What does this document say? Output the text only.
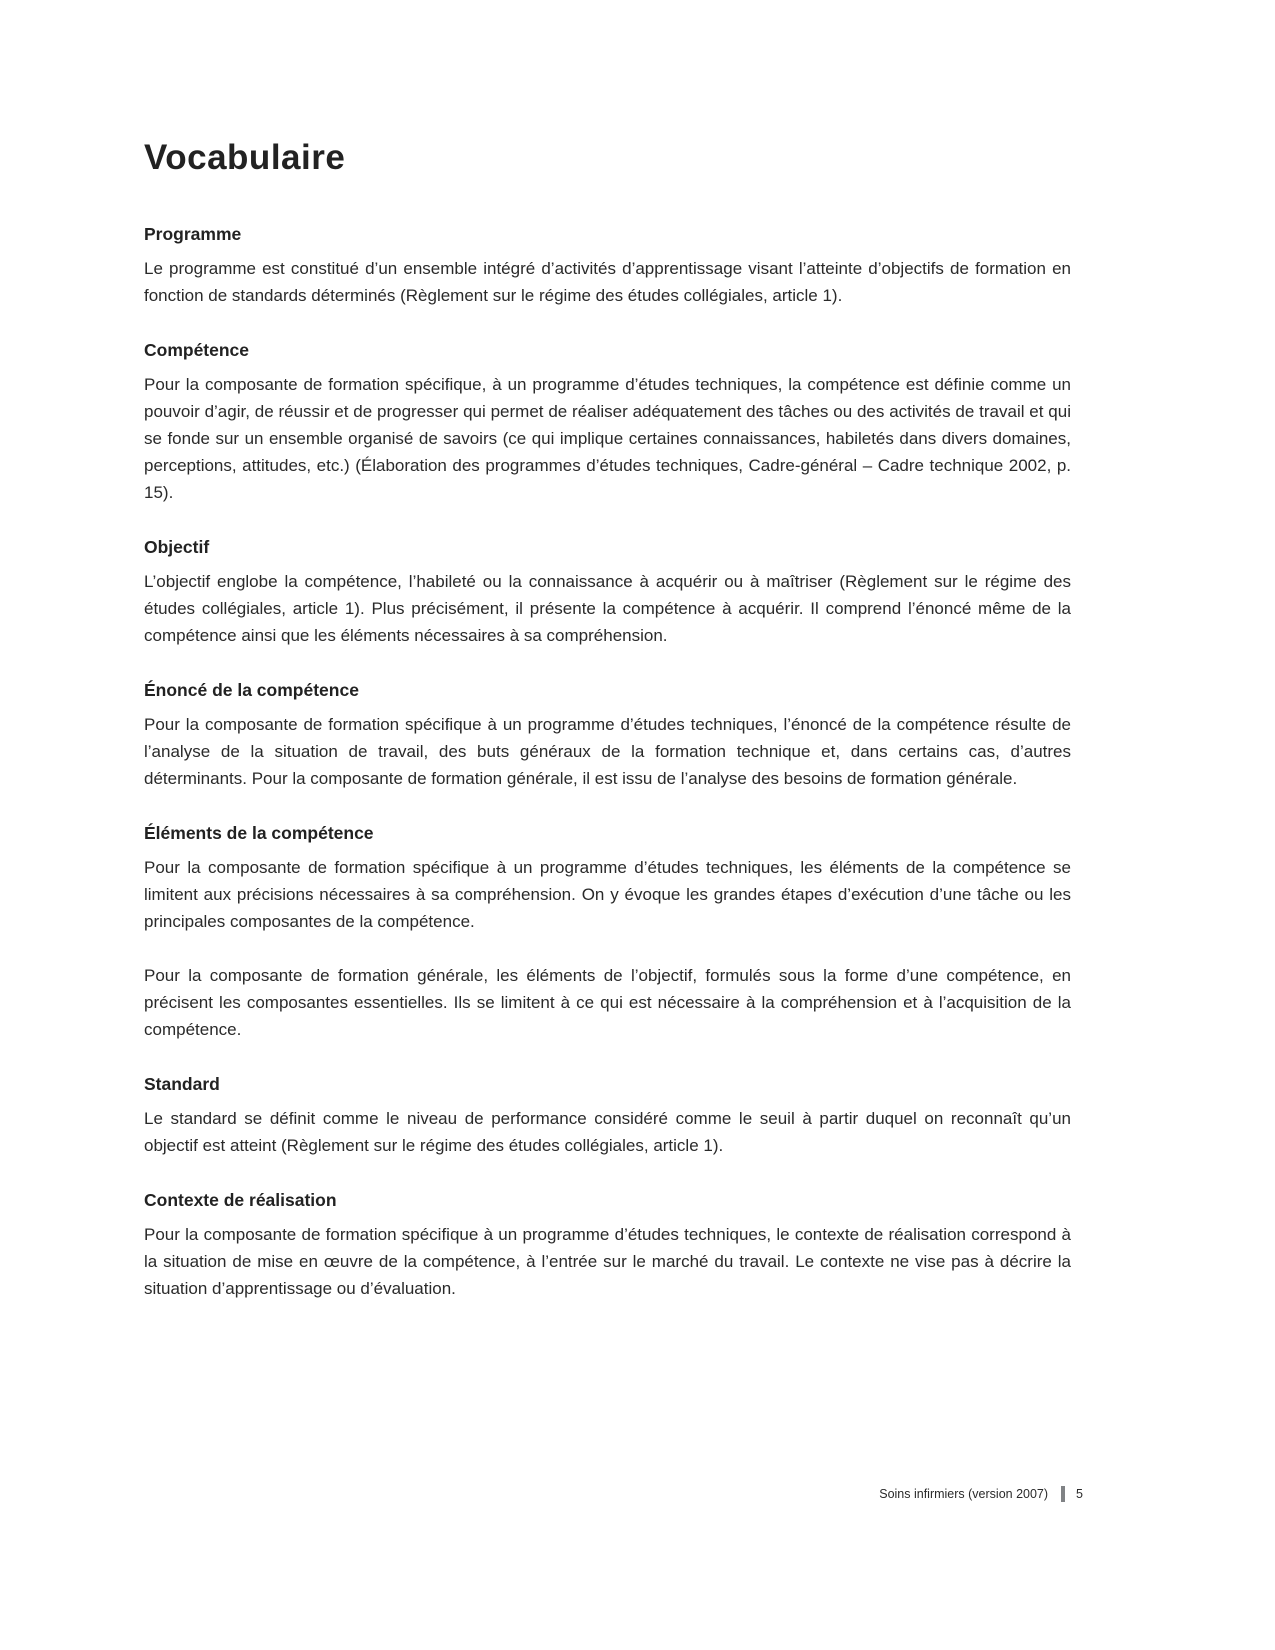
Vocabulaire
Programme

Le programme est constitué d’un ensemble intégré d’activités d’apprentissage visant l’atteinte d’objectifs de formation en fonction de standards déterminés (Règlement sur le régime des études collégiales, article 1).

Compétence

Pour la composante de formation spécifique, à un programme d’études techniques, la compétence est définie comme un pouvoir d’agir, de réussir et de progresser qui permet de réaliser adéquatement des tâches ou des activités de travail et qui se fonde sur un ensemble organisé de savoirs (ce qui implique certaines connaissances, habiletés dans divers domaines, perceptions, attitudes, etc.) (Élaboration des programmes d’études techniques, Cadre-général – Cadre technique 2002, p. 15).

Objectif

L’objectif englobe la compétence, l’habileté ou la connaissance à acquérir ou à maîtriser (Règlement sur le régime des études collégiales, article 1). Plus précisément, il présente la compétence à acquérir. Il comprend l’énoncé même de la compétence ainsi que les éléments nécessaires à sa compréhension.

Énoncé de la compétence

Pour la composante de formation spécifique à un programme d’études techniques, l’énoncé de la compétence résulte de l’analyse de la situation de travail, des buts généraux de la formation technique et, dans certains cas, d’autres déterminants. Pour la composante de formation générale, il est issu de l’analyse des besoins de formation générale.

Éléments de la compétence

Pour la composante de formation spécifique à un programme d’études techniques, les éléments de la compétence se limitent aux précisions nécessaires à sa compréhension. On y évoque les grandes étapes d’exécution d’une tâche ou les principales composantes de la compétence.

Pour la composante de formation générale, les éléments de l’objectif, formulés sous la forme d’une compétence, en précisent les composantes essentielles. Ils se limitent à ce qui est nécessaire à la compréhension et à l’acquisition de la compétence.

Standard

Le standard se définit comme le niveau de performance considéré comme le seuil à partir duquel on reconnaît qu’un objectif est atteint (Règlement sur le régime des études collégiales, article 1).

Contexte de réalisation

Pour la composante de formation spécifique à un programme d’études techniques, le contexte de réalisation correspond à la situation de mise en œuvre de la compétence, à l’entrée sur le marché du travail. Le contexte ne vise pas à décrire la situation d’apprentissage ou d’évaluation.

Soins infirmiers (version 2007) 5
